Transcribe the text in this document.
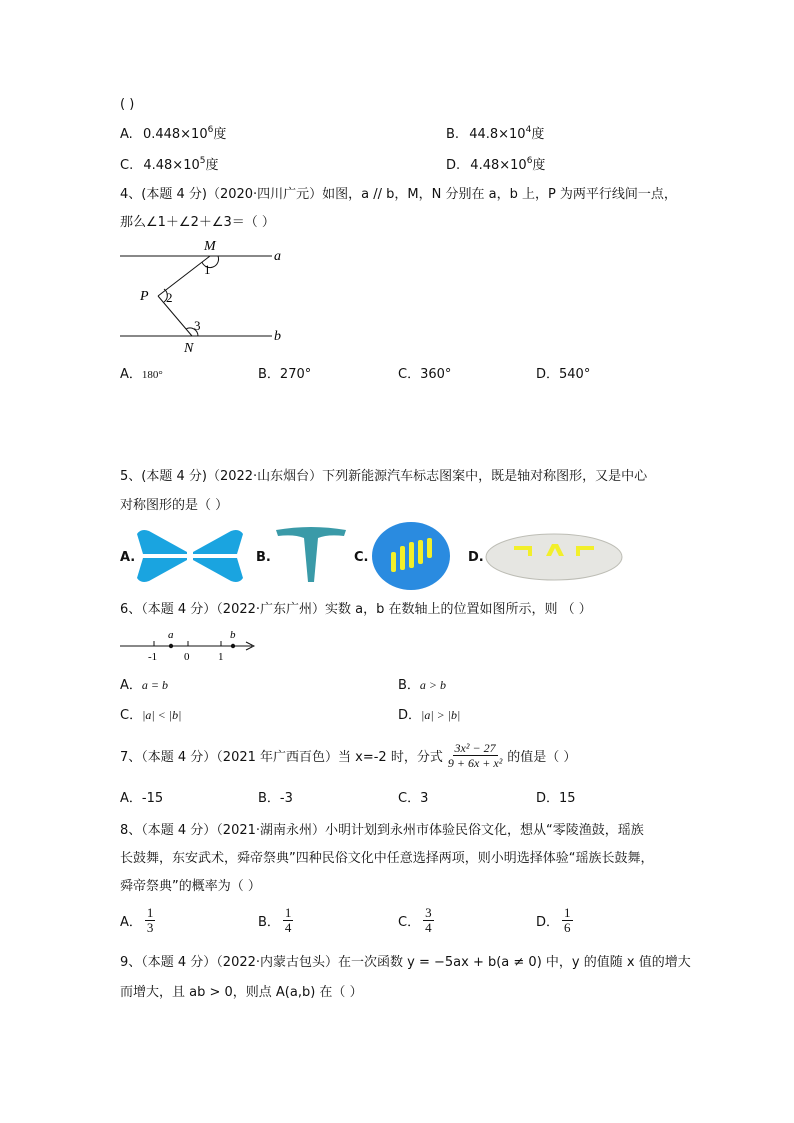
( )
A. $0.448\times 10^6$度	B. $44.8\times 10^4$度
C. $4.48\times 10^5$度	D. $4.48\times 10^6$度
4、(本题 4 分)（2020·四川广元）如图，a // b，M，N 分别在 a，b 上，P 为两平行线间一点，
那么∠1＋∠2＋∠3＝（ ）
M
1
P 2
3
N
a
b
A．180°	B．270°	C．360°	D．540°
5、(本题 4 分)（2022·山东烟台）下列新能源汽车标志图案中，既是轴对称图形，又是中心
对称图形的是（ ）
A.	B.	C.	D.
6、（本题 4 分）（2022·广东广州）实数 a，b 在数轴上的位置如图所示，则 （ ）
a	b
-1 0	1
A．a = b	B．a > b
C．|a| < |b|	D．|a| > |b|
7、（本题 4 分）（2021 年广西百色）当 x=-2 时，分式 $\frac{\text{3x² − 27}}{\text{9 + 6x + x²}}$ 的值是（ ）
A．-15	B．-3	C．3	D．15
8、（本题 4 分）（2021·湖南永州）小明计划到永州市体验民俗文化，想从“零陵渔鼓，瑶族
长鼓舞，东安武术，舜帝祭典”四种民俗文化中任意选择两项，则小明选择体验“瑶族长鼓舞，
舜帝祭典”的概率为（ ）
A． $\frac{1}{3}$	B． $\frac{1}{4}$	C． $\frac{3}{4}$	D． $\frac{1}{6}$
9、（本题 4 分）（2022·内蒙古包头）在一次函数 y = −5ax + b(a ≠ 0) 中，y 的值随 x 值的增大
而增大，且 ab > 0，则点 A(a,b) 在（ ）
